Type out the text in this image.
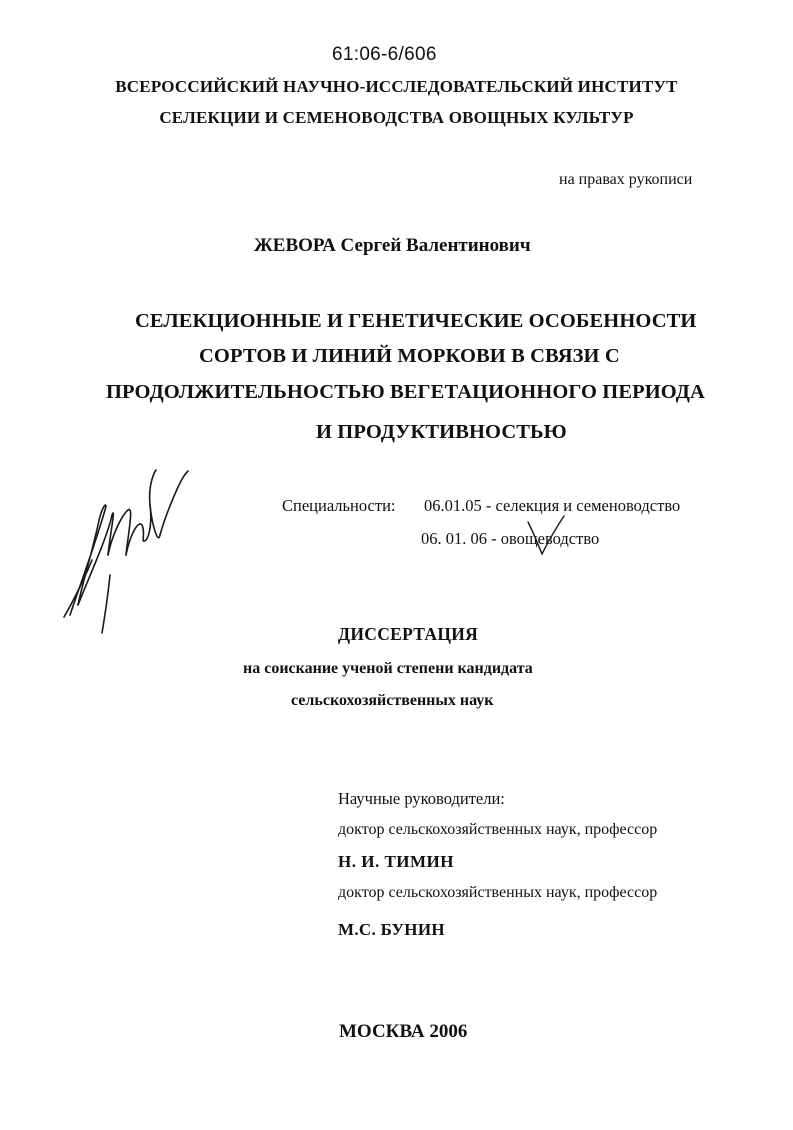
61:06-6/606
ВСЕРОССИЙСКИЙ НАУЧНО-ИССЛЕДОВАТЕЛЬСКИЙ ИНСТИТУТ
СЕЛЕКЦИИ И СЕМЕНОВОДСТВА ОВОЩНЫХ КУЛЬТУР
на правах рукописи
ЖЕВОРА Сергей Валентинович
СЕЛЕКЦИОННЫЕ И ГЕНЕТИЧЕСКИЕ ОСОБЕННОСТИ
СОРТОВ И ЛИНИЙ МОРКОВИ В СВЯЗИ С
ПРОДОЛЖИТЕЛЬНОСТЬЮ ВЕГЕТАЦИОННОГО ПЕРИОДА
И ПРОДУКТИВНОСТЬЮ
Специальности: 06.01.05 - селекция и семеноводство
06. 01. 06 - овощеводство
ДИССЕРТАЦИЯ
на соискание ученой степени кандидата
сельскохозяйственных наук
Научные руководители:
доктор сельскохозяйственных наук, профессор
Н. И. ТИМИН
доктор сельскохозяйственных наук, профессор
М.С. БУНИН
МОСКВА 2006
